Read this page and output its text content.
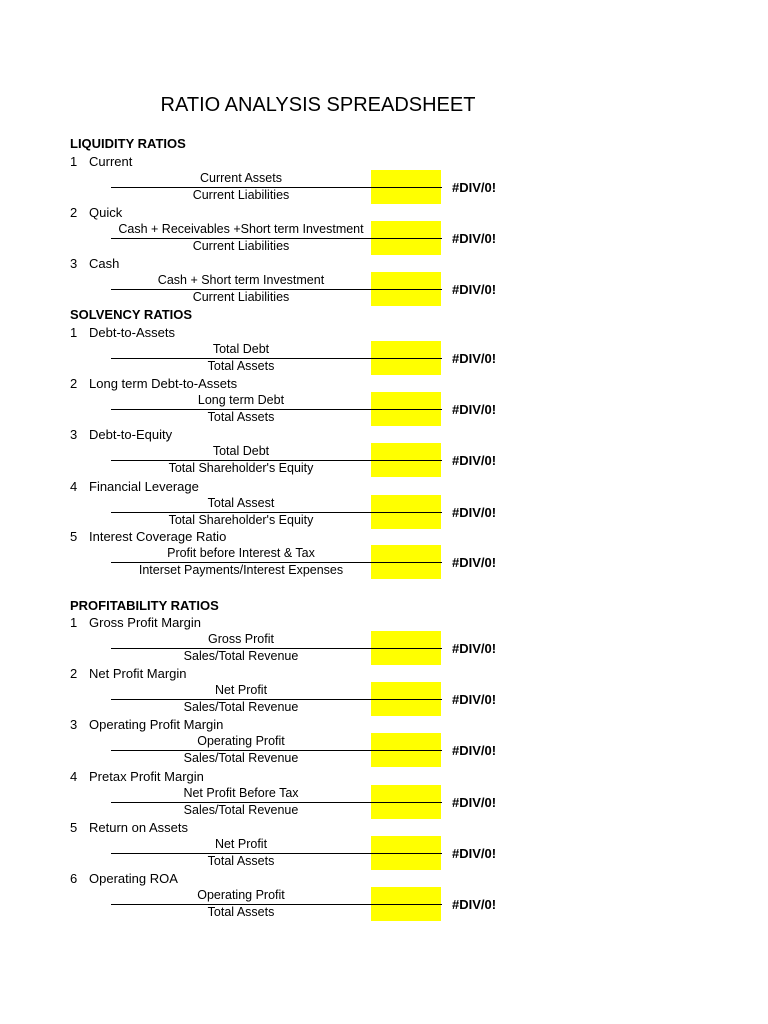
RATIO ANALYSIS SPREADSHEET
LIQUIDITY RATIOS
1 Current
Current Assets
Current Liabilities	#DIV/0!
2 Quick
Cash + Receivables +Short term Investment
Current Liabilities	#DIV/0!
3 Cash
Cash + Short term Investment
Current Liabilities	#DIV/0!
SOLVENCY RATIOS
1 Debt-to-Assets
Total Debt
Total Assets	#DIV/0!
2 Long term Debt-to-Assets
Long term Debt
Total Assets	#DIV/0!
3 Debt-to-Equity
Total Debt
Total Shareholder's Equity	#DIV/0!
4 Financial Leverage
Total Assest
Total Shareholder's Equity	#DIV/0!
5 Interest Coverage Ratio
Profit before Interest & Tax
Interset Payments/Interest Expenses	#DIV/0!
PROFITABILITY RATIOS
1 Gross Profit Margin
Gross Profit
Sales/Total Revenue	#DIV/0!
2 Net Profit Margin
Net Profit
Sales/Total Revenue	#DIV/0!
3 Operating Profit Margin
Operating Profit
Sales/Total Revenue	#DIV/0!
4 Pretax Profit Margin
Net Profit Before Tax
Sales/Total Revenue	#DIV/0!
5 Return on Assets
Net Profit
Total Assets	#DIV/0!
6 Operating ROA
Operating Profit
Total Assets	#DIV/0!
